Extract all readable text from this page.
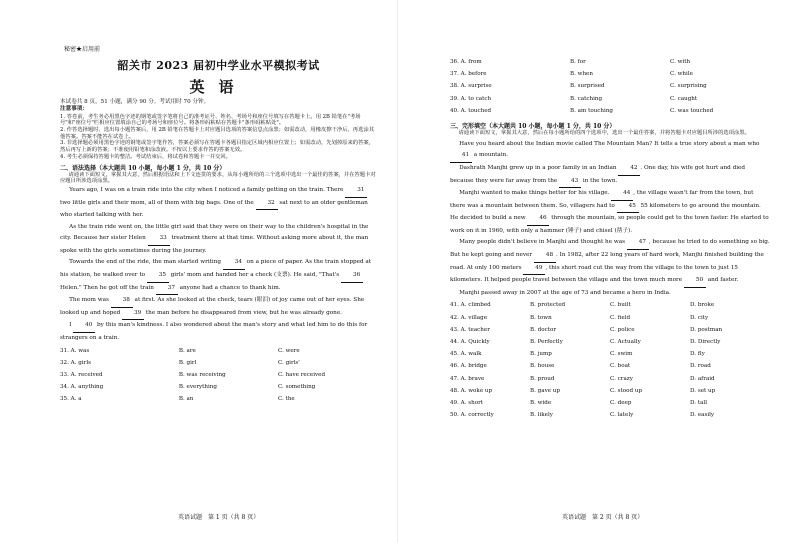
秘密★启用前
韶关市 2023 届初中学业水平模拟考试
英语

本试卷共 8 页，51 小题，满分 90 分。考试用时 70 分钟。

注意事项：

1. 答卷前，考生务必用黑色字迹的钢笔或签字笔将自己的准考证号、姓名、考场号和座位号填写在答题卡上。用 2B 铅笔在"考场号"和"座位号"栏相应位置填涂自己的考场号和座位号。将条形码粘贴在答题卡"条形码粘贴处"。

2. 作答选择题时，选出每小题答案后，用 2B 铅笔在答题卡上对应题目选项的答案信息点涂黑；如需改动，用橡皮擦干净后，再选涂其他答案。答案不能答在试卷上。

3. 非选择题必须用黑色字迹的钢笔或签字笔作答，答案必须写在答题卡各题目指定区域内相应位置上；如需改动，先划掉原来的答案，然后再写上新的答案；不准使用铅笔和涂改液。不按以上要求作答的答案无效。

4. 考生必须保持答题卡的整洁。考试结束后，将试卷和答题卡一并交回。

二、语法选择（本大题共 10 小题，每小题 1 分，共 10 分）

请通读下面短文，掌握其大意，然后根据语法和上下文连贯的要求，从每小题所给的三个选项中选出一个最佳的答案，并在答题卡对应题目所涉选项涂黑。

Years ago, I was on a train ride into the city when I noticed a family getting on the train. There 31 two little girls and their mom, all of them with big bags. One of the 32 sat next to an older gentleman who started talking with her.

As the train ride went on, the little girl said that they were on their way to the children's hospital in the city. Because her sister Helen 33 treatment there at that time. Without asking more about it, the man spoke with the girls sometimes during the journey.

Towards the end of the ride, the man started writing 34 on a piece of paper. As the train stopped at his station, he walked over to 35 girls' mom and handed her a check (支票). He said, "That's 36 Helen." Then he got off the train 37 anyone had a chance to thank him.

The mom was 38 at first. As she looked at the check, tears (眼泪) of joy came out of her eyes. She looked up and hoped 39 the man before he disappeared from view, but he was already gone.

I 40 by this man's kindness. I also wondered about the man's story and what led him to do this for strangers on a train.

31. A. was	B. are	C. were
32. A. girls	B. girl	C. girls'
33. A. received	B. was receiving	C. have received
34. A. anything	B. everything	C. something
35. A. a	B. an	C. the
英语试题　第 1 页（共 8 页）
36. A. from	B. for	C. with
37. A. before	B. when	C. while
38. A. surprise	B. surprised	C. surprising
39. A. to catch	B. catching	C. caught
40. A. touched	B. am touching	C. was touched

三、完形填空（本大题共 10 小题，每小题 1 分，共 10 分）

请通读下面短文，掌握其大意，然后在每小题所给的四个选项中，选出一个最佳答案，并将答题卡对应题目所涉的选项涂黑。

Have you heard about the Indian movie called The Mountain Man? It tells a true story about a man who 41 a mountain.

Dashrath Manjhi grew up in a poor family in an Indian 42 . One day, his wife got hurt and died because they were far away from the 43 in the town.

Manjhi wanted to make things better for his village. 44 , the village wasn't far from the town, but there was a mountain between them. So, villagers had to 45 55 kilometers to go around the mountain. He decided to build a new 46 through the mountain, so people could get to the town faster. He started to work on it in 1960, with only a hammer (锤子) and chisel (凿子).

Many people didn't believe in Manjhi and thought he was 47 , because he tried to do something so big. But he kept going and never 48 . In 1982, after 22 long years of hard work, Manjhi finished building the road. At only 100 meters 49 , this short road cut the way from the village to the town to just 15 kilometers. It helped people travel between the village and the town much more 50 and faster.

Manjhi passed away in 2007 at the age of 73 and became a hero in India.

41. A. climbed	B. protected	C. built	D. broke
42. A. village	B. town	C. field	D. city
43. A. teacher	B. doctor	C. police	D. postman
44. A. Quickly	B. Perfectly	C. Actually	D. Directly
45. A. walk	B. jump	C. swim	D. fly
46. A. bridge	B. house	C. boat	D. road
47. A. brave	B. proud	C. crazy	D. afraid
48. A. woke up	B. gave up	C. stood up	D. set up
49. A. short	B. wide	C. deep	D. tall
50. A. correctly	B. likely	C. lately	D. easily
英语试题　第 2 页（共 8 页）
